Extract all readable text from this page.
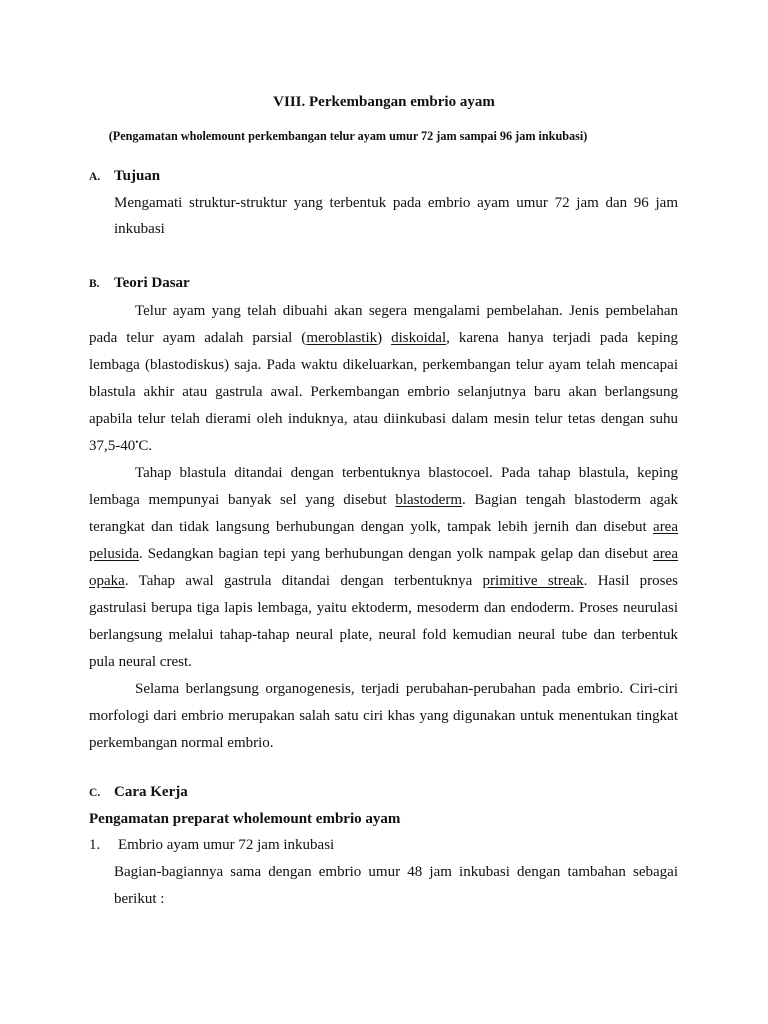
VIII. Perkembangan embrio ayam
(Pengamatan wholemount perkembangan telur ayam umur 72 jam sampai 96 jam inkubasi)
A. Tujuan
Mengamati struktur-struktur yang terbentuk pada embrio ayam umur 72 jam dan 96 jam
inkubasi
B. Teori Dasar
Telur ayam yang telah dibuahi akan segera mengalami pembelahan. Jenis pembelahan
pada telur ayam adalah parsial (meroblastik) diskoidal, karena hanya terjadi pada keping
lembaga (blastodiskus) saja. Pada waktu dikeluarkan, perkembangan telur ayam telah mencapai
blastula akhir atau gastrula awal. Perkembangan embrio selanjutnya baru akan berlangsung
apabila telur telah dierami oleh induknya, atau diinkubasi dalam mesin telur tetas dengan suhu
37,5-40•C.
Tahap blastula ditandai dengan terbentuknya blastocoel. Pada tahap blastula, keping
lembaga mempunyai banyak sel yang disebut blastoderm. Bagian tengah blastoderm agak
terangkat dan tidak langsung berhubungan dengan yolk, tampak lebih jernih dan disebut area
pelusida. Sedangkan bagian tepi yang berhubungan dengan yolk nampak gelap dan disebut area
opaka. Tahap awal gastrula ditandai dengan terbentuknya primitive streak. Hasil proses
gastrulasi berupa tiga lapis lembaga, yaitu ektoderm, mesoderm dan endoderm. Proses neurulasi
berlangsung melalui tahap-tahap neural plate, neural fold kemudian neural tube dan terbentuk
pula neural crest.
Selama berlangsung organogenesis, terjadi perubahan-perubahan pada embrio. Ciri-ciri
morfologi dari embrio merupakan salah satu ciri khas yang digunakan untuk menentukan tingkat
perkembangan normal embrio.
C. Cara Kerja
Pengamatan preparat wholemount embrio ayam
1. Embrio ayam umur 72 jam inkubasi
Bagian-bagiannya sama dengan embrio umur 48 jam inkubasi dengan tambahan sebagai
berikut :
